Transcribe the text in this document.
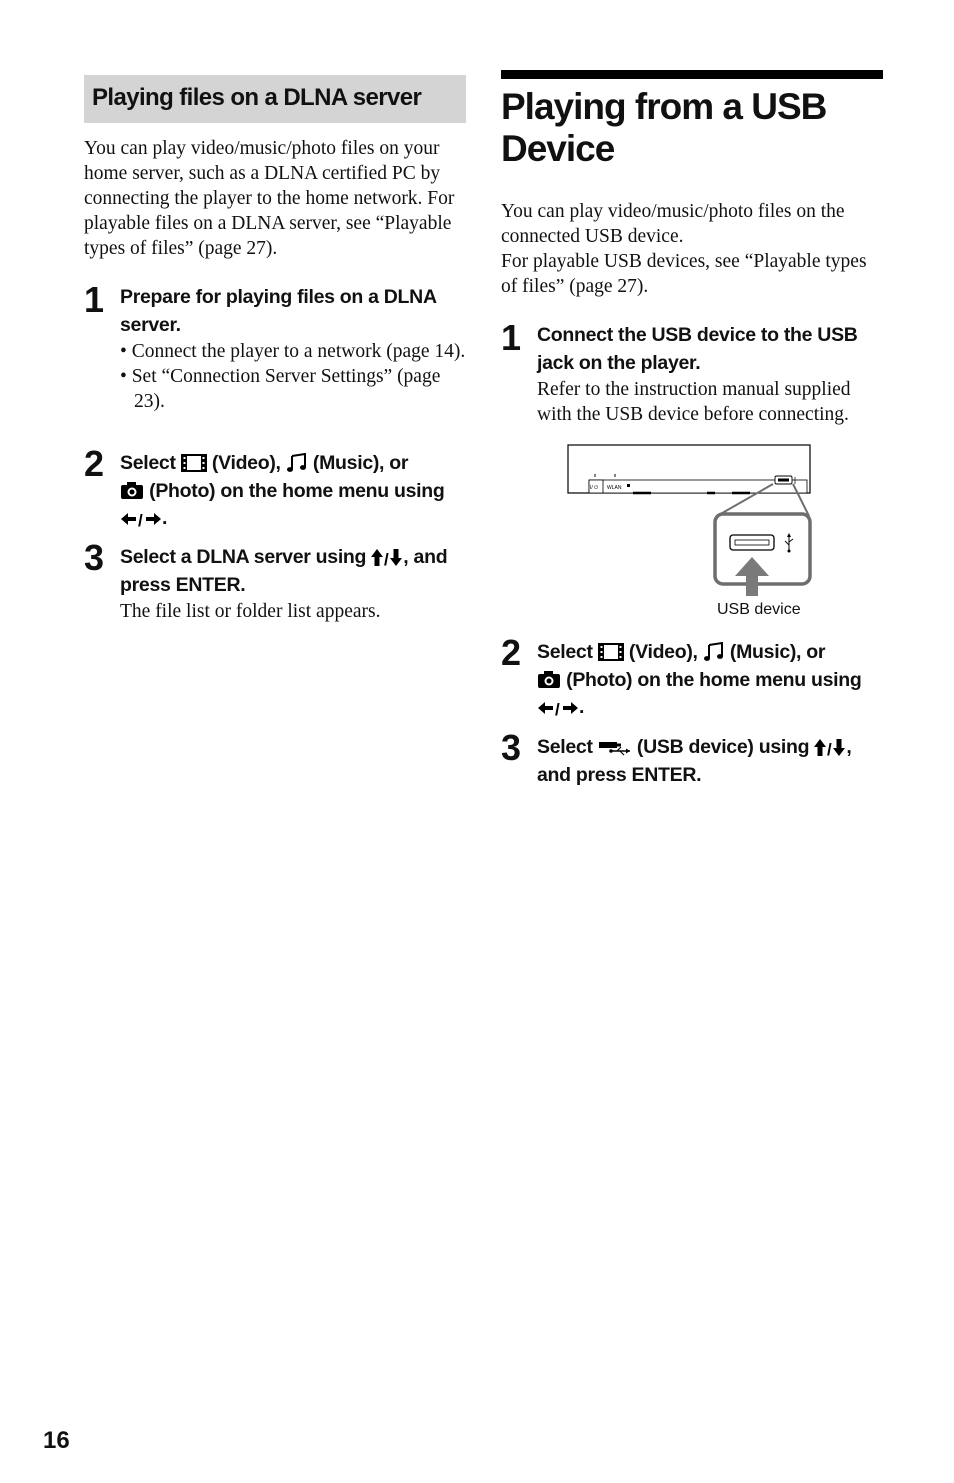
Playing files on a DLNA server
You can play video/music/photo files on your home server, such as a DLNA certified PC by connecting the player to the home network. For playable files on a DLNA server, see “Playable types of files” (page 27).
1 Prepare for playing files on a DLNA server.
• Connect the player to a network (page 14).
• Set “Connection Server Settings” (page 23).
2 Select (Video), (Music), or
(Photo) on the home menu using
.
3 Select a DLNA server using , and press ENTER.
The file list or folder list appears.
Playing from a USB Device
You can play video/music/photo files on the connected USB device.
For playable USB devices, see “Playable types of files” (page 27).
1 Connect the USB device to the USB jack on the player.
Refer to the instruction manual supplied with the USB device before connecting.
I/ ⏻ WLAN
USB device
2 Select (Video), (Music), or
(Photo) on the home menu using
.
3 Select (USB device) using , and press ENTER.
16
